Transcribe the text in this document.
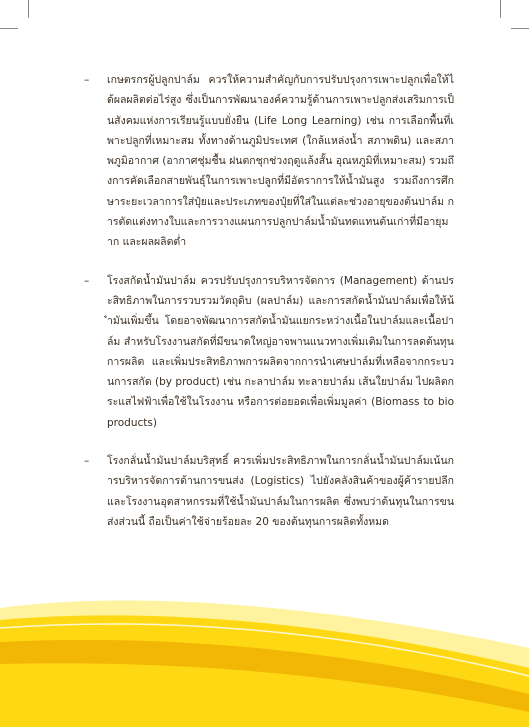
– เกษตรกรผู้ปลูกปาล์ม ควรให้ความสำคัญกับการปรับปรุงการเพาะปลูกเพื่อให้ได้ผลผลิตต่อไร่สูง ซึ่งเป็นการพัฒนาองค์ความรู้ด้านการเพาะปลูกส่งเสริมการเป็นสังคมแห่งการเรียนรู้แบบยั่งยืน (Life Long Learning) เช่น การเลือกพื้นที่เพาะปลูกที่เหมาะสม ทั้งทางด้านภูมิประเทศ (ใกล้แหล่งน้ำ สภาพดิน) และสภาพภูมิอากาศ (อากาศชุ่มชื้น ฝนตกชุกช่วงฤดูแล้งสั้น อุณหภูมิที่เหมาะสม) รวมถึงการคัดเลือกสายพันธุ์ในการเพาะปลูกที่มีอัตราการให้น้ำมันสูง รวมถึงการศึกษาระยะเวลาการใส่ปุ๋ยและประเภทของปุ๋ยที่ใส่ในแต่ละช่วงอายุของต้นปาล์ม การตัดแต่งทางใบและการวางแผนการปลูกปาล์มน้ำมันทดแทนต้นเก่าที่มีอายุมาก และผลผลิตต่ำ

– โรงสกัดน้ำมันปาล์ม ควรปรับปรุงการบริหารจัดการ (Management) ด้านประสิทธิภาพในการรวบรวมวัตถุดิบ (ผลปาล์ม) และการสกัดน้ำมันปาล์มเพื่อให้น้ำมันเพิ่มขึ้น โดยอาจพัฒนาการสกัดน้ำมันแยกระหว่างเนื้อในปาล์มและเนื้อปาล์ม สำหรับโรงงานสกัดที่มีขนาดใหญ่อาจพานแนวทางเพิ่มเติมในการลดต้นทุนการผลิต และเพิ่มประสิทธิภาพการผลิตจากการนำเศษปาล์มที่เหลือจากกระบวนการสกัด (by product) เช่น กะลาปาล์ม ทะลายปาล์ม เส้นใยปาล์ม ไปผลิตกระแสไฟฟ้าเพื่อใช้ในโรงงาน หรือการต่อยอดเพื่อเพิ่มมูลค่า (Biomass to bioproducts)

– โรงกลั่นน้ำมันปาล์มบริสุทธิ์ ควรเพิ่มประสิทธิภาพในการกลั่นน้ำมันปาล์มเน้นการบริหารจัดการด้านการขนส่ง (Logistics) ไปยังคลังสินค้าของผู้ค้ารายปลีกและโรงงานอุตสาหกรรมที่ใช้น้ำมันปาล์มในการผลิต ซึ่งพบว่าต้นทุนในการขนส่งส่วนนี้ ถือเป็นค่าใช้จ่ายร้อยละ 20 ของต้นทุนการผลิตทั้งหมด
